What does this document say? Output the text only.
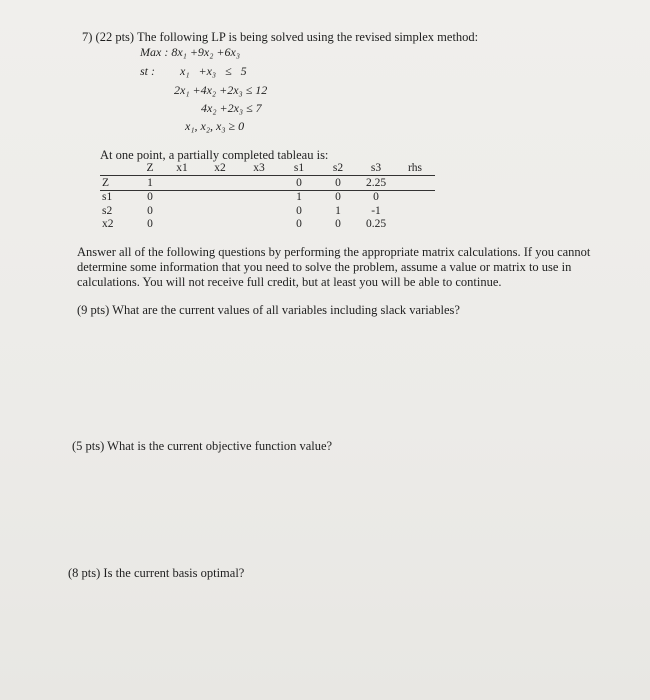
7) (22 pts) The following LP is being solved using the revised simplex method:
Max : 8x₁ +9x₂ +6x₃
st : x₁ +x₃ ≤ 5
2x₁ +4x₂ +2x₃ ≤ 12
4x₂ +2x₃ ≤ 7
x₁, x₂, x₃ ≥ 0
At one point, a partially completed tableau is:
	Z	x1	x2	x3	s1	s2	s3	rhs
Z	1				0	0	2.25	
s1	0				1	0	0	
s2	0				0	1	-1	
x2	0				0	0	0.25	
Answer all of the following questions by performing the appropriate matrix calculations. If you cannot determine some information that you need to solve the problem, assume a value or matrix to use in calculations. You will not receive full credit, but at least you will be able to continue.
(9 pts) What are the current values of all variables including slack variables?
(5 pts) What is the current objective function value?
(8 pts) Is the current basis optimal?
